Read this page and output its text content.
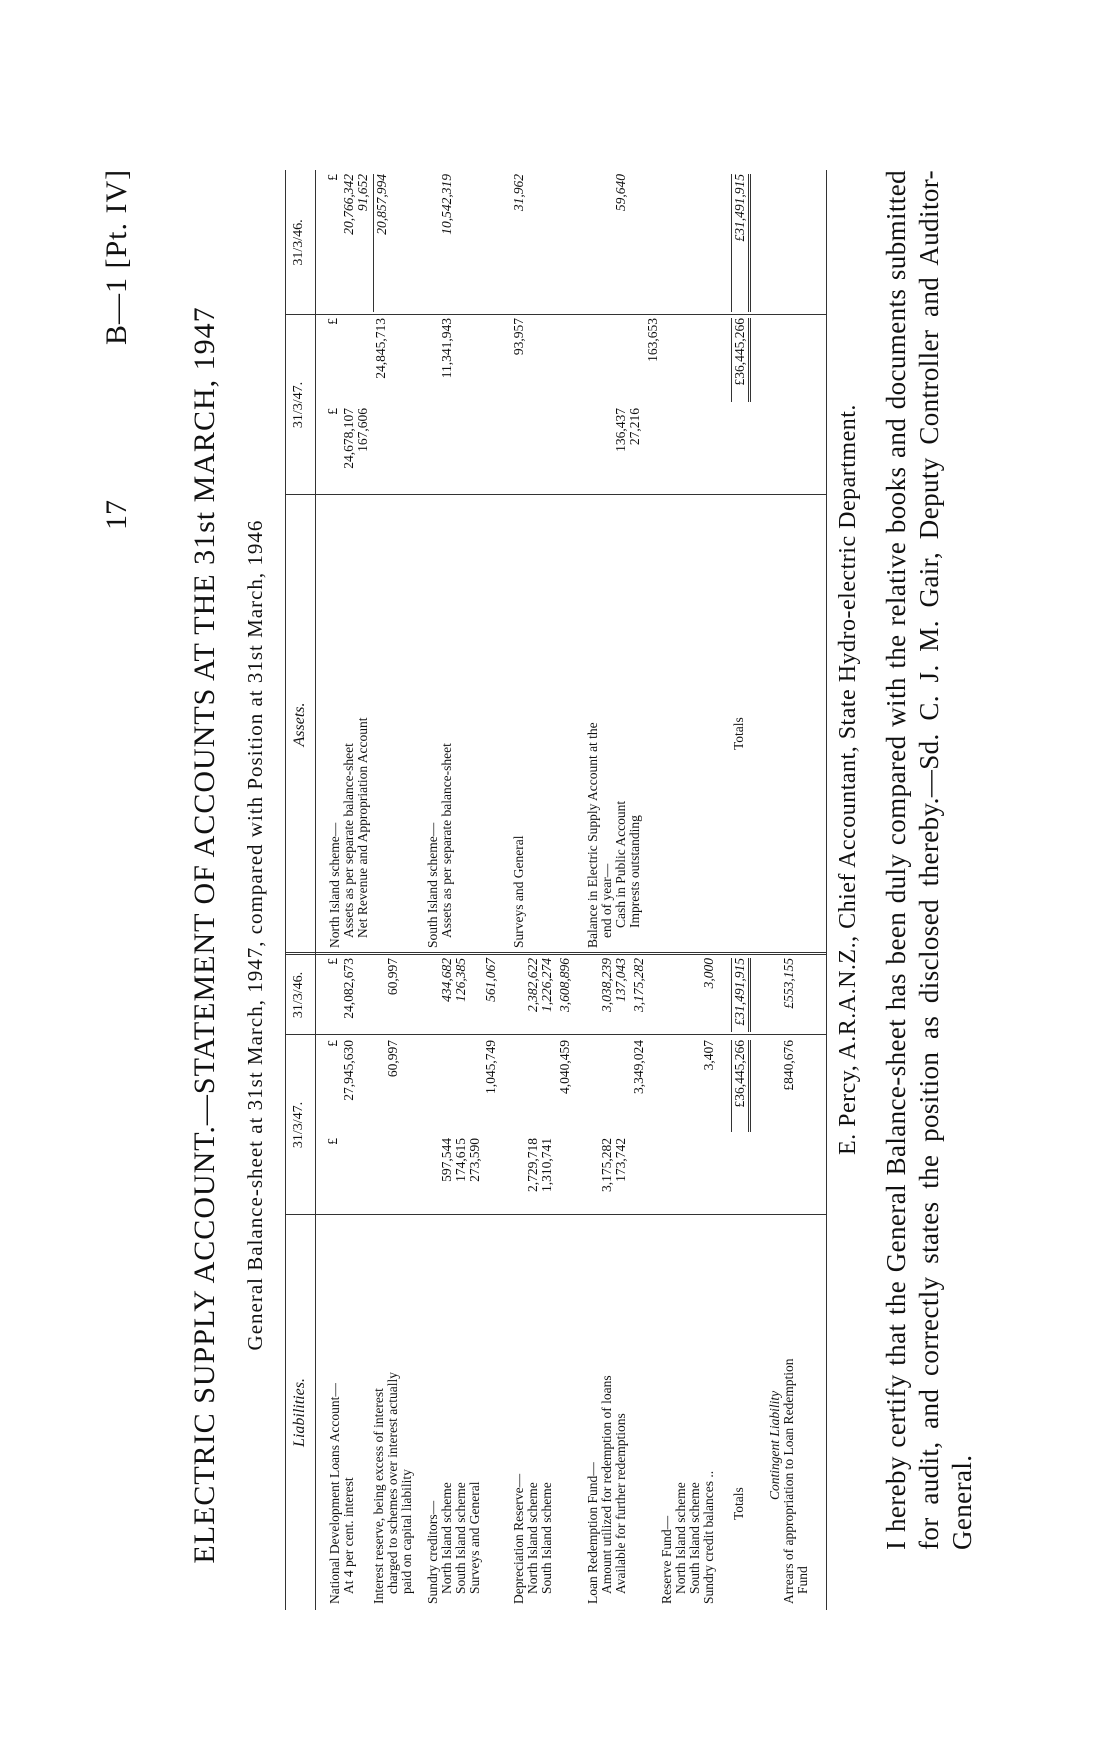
17
B—1 [Pt. IV]
ELECTRIC SUPPLY ACCOUNT.—STATEMENT OF ACCOUNTS AT THE 31st MARCH, 1947 General Balance-sheet at 31st March, 1947, compared with Position at 31st March, 1946
Liabilities.
31/3/47.
31/3/46.
Assets.
31/3/47.
31/3/46.
£
£
£
National Development Loans Account— At 4 per cent. interest
27,945,630
24,082,673
Interest reserve, being excess of interest charged to schemes over interest actually paid on capital liability
60,997
60,997
Sundry creditors— North Island scheme South Island scheme Surveys and General
597,544 174,615 273,590
1,045,749
434,682 126,385 561,067
Depreciation Reserve— North Island scheme South Island scheme
2,729,718 1,310,741
4,040,459
2,382,622 1,226,274 3,608,896
Loan Redemption Fund— Amount utilized for redemption of loans Available for further redemptions
3,175,282 173,742
3,349,024
3,038,239 137,043 3,175,282
Reserve Fund— North Island scheme South Island scheme Sundry credit balances ..
3,407
3,000
Totals
£36,445,266
£31,491,915
Contingent Liability Arrears of appropriation to Loan Redemption Fund
£840,676
£553,155
£
£
£
North Island scheme— Assets as per separate balance-sheet Net Revenue and Appropriation Account
24,678,107 167,606
24,845,713
20,766,342 91,652 20,857,994
South Island scheme— Assets as per separate balance-sheet
11,341,943
10,542,319
Surveys and General
93,957
31,962
Balance in Electric Supply Account at the end of year— Cash in Public Account Imprests outstanding
136,437 27,216
163,653
59,640
Totals
£36,445,266
£31,491,915
E. Percy, A.R.A.N.Z., Chief Accountant, State Hydro-electric Department. I hereby certify that the General Balance-sheet has been duly compared with the relative books and documents submitted for audit, and correctly states the position as disclosed thereby.—Sd. C. J. M. Gair, Deputy Controller and Auditor-General.
